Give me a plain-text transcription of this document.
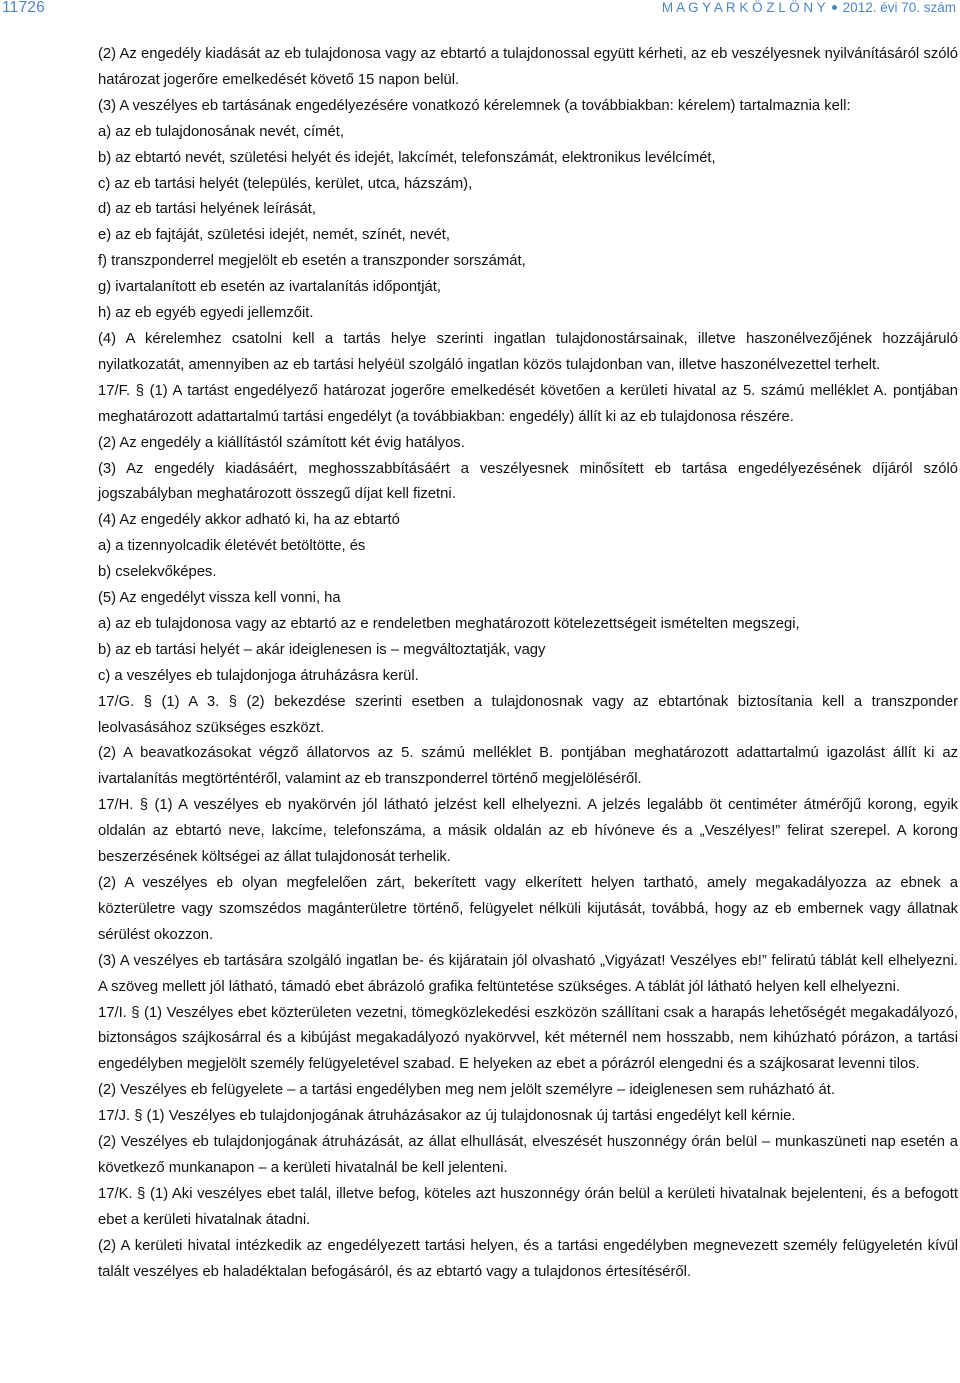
11726	M A G Y A R K Ö Z L Ö N Y 2012. évi 70. szám

(2) Az engedély kiadását az eb tulajdonosa vagy az ebtartó a tulajdonossal együtt kérheti, az eb veszélyesnek nyilvánításáról szóló határozat jogerőre emelkedését követő 15 napon belül.

(3) A veszélyes eb tartásának engedélyezésére vonatkozó kérelemnek (a továbbiakban: kérelem) tartalmaznia kell:

a) az eb tulajdonosának nevét, címét,

b) az ebtartó nevét, születési helyét és idejét, lakcímét, telefonszámát, elektronikus levélcímét,

c) az eb tartási helyét (település, kerület, utca, házszám),

d) az eb tartási helyének leírását,

e) az eb fajtáját, születési idejét, nemét, színét, nevét,

f) transzponderrel megjelölt eb esetén a transzponder sorszámát,

g) ivartalanított eb esetén az ivartalanítás időpontját,

h) az eb egyéb egyedi jellemzőit.

(4) A kérelemhez csatolni kell a tartás helye szerinti ingatlan tulajdonostársainak, illetve haszonélvezőjének hozzájáruló nyilatkozatát, amennyiben az eb tartási helyéül szolgáló ingatlan közös tulajdonban van, illetve haszonélvezettel terhelt.

17/F. § (1) A tartást engedélyező határozat jogerőre emelkedését követően a kerületi hivatal az 5. számú melléklet A. pontjában meghatározott adattartalmú tartási engedélyt (a továbbiakban: engedély) állít ki az eb tulajdonosa részére.

(2) Az engedély a kiállítástól számított két évig hatályos.

(3) Az engedély kiadásáért, meghosszabbításáért a veszélyesnek minősített eb tartása engedélyezésének díjáról szóló jogszabályban meghatározott összegű díjat kell fizetni.

(4) Az engedély akkor adható ki, ha az ebtartó

a) a tizennyolcadik életévét betöltötte, és

b) cselekvőképes.

(5) Az engedélyt vissza kell vonni, ha

a) az eb tulajdonosa vagy az ebtartó az e rendeletben meghatározott kötelezettségeit ismételten megszegi,

b) az eb tartási helyét – akár ideiglenesen is – megváltoztatják, vagy

c) a veszélyes eb tulajdonjoga átruházásra kerül.

17/G. § (1) A 3. § (2) bekezdése szerinti esetben a tulajdonosnak vagy az ebtartónak biztosítania kell a transzponder leolvasásához szükséges eszközt.

(2) A beavatkozásokat végző állatorvos az 5. számú melléklet B. pontjában meghatározott adattartalmú igazolást állít ki az ivartalanítás megtörténtéről, valamint az eb transzponderrel történő megjelöléséről.

17/H. § (1) A veszélyes eb nyakörvén jól látható jelzést kell elhelyezni. A jelzés legalább öt centiméter átmérőjű korong, egyik oldalán az ebtartó neve, lakcíme, telefonszáma, a másik oldalán az eb hívóneve és a „Veszélyes!” felirat szerepel. A korong beszerzésének költségei az állat tulajdonosát terhelik.

(2) A veszélyes eb olyan megfelelően zárt, bekerített vagy elkerített helyen tartható, amely megakadályozza az ebnek a közterületre vagy szomszédos magánterületre történő, felügyelet nélküli kijutását, továbbá, hogy az eb embernek vagy állatnak sérülést okozzon.

(3) A veszélyes eb tartására szolgáló ingatlan be- és kijáratain jól olvasható „Vigyázat! Veszélyes eb!” feliratú táblát kell elhelyezni. A szöveg mellett jól látható, támadó ebet ábrázoló grafika feltüntetése szükséges. A táblát jól látható helyen kell elhelyezni.

17/I. § (1) Veszélyes ebet közterületen vezetni, tömegközlekedési eszközön szállítani csak a harapás lehetőségét megakadályozó, biztonságos szájkosárral és a kibújást megakadályozó nyakörvvel, két méternél nem hosszabb, nem kihúzható pórázon, a tartási engedélyben megjelölt személy felügyeletével szabad. E helyeken az ebet a pórázról elengedni és a szájkosarat levenni tilos.

(2) Veszélyes eb felügyelete – a tartási engedélyben meg nem jelölt személyre – ideiglenesen sem ruházható át.

17/J. § (1) Veszélyes eb tulajdonjogának átruházásakor az új tulajdonosnak új tartási engedélyt kell kérnie.

(2) Veszélyes eb tulajdonjogának átruházását, az állat elhullását, elveszését huszonnégy órán belül – munkaszüneti nap esetén a következő munkanapon – a kerületi hivatalnál be kell jelenteni.

17/K. § (1) Aki veszélyes ebet talál, illetve befog, köteles azt huszonnégy órán belül a kerületi hivatalnak bejelenteni, és a befogott ebet a kerületi hivatalnak átadni.

(2) A kerületi hivatal intézkedik az engedélyezett tartási helyen, és a tartási engedélyben megnevezett személy felügyeletén kívül talált veszélyes eb haladéktalan befogásáról, és az ebtartó vagy a tulajdonos értesítéséről.
